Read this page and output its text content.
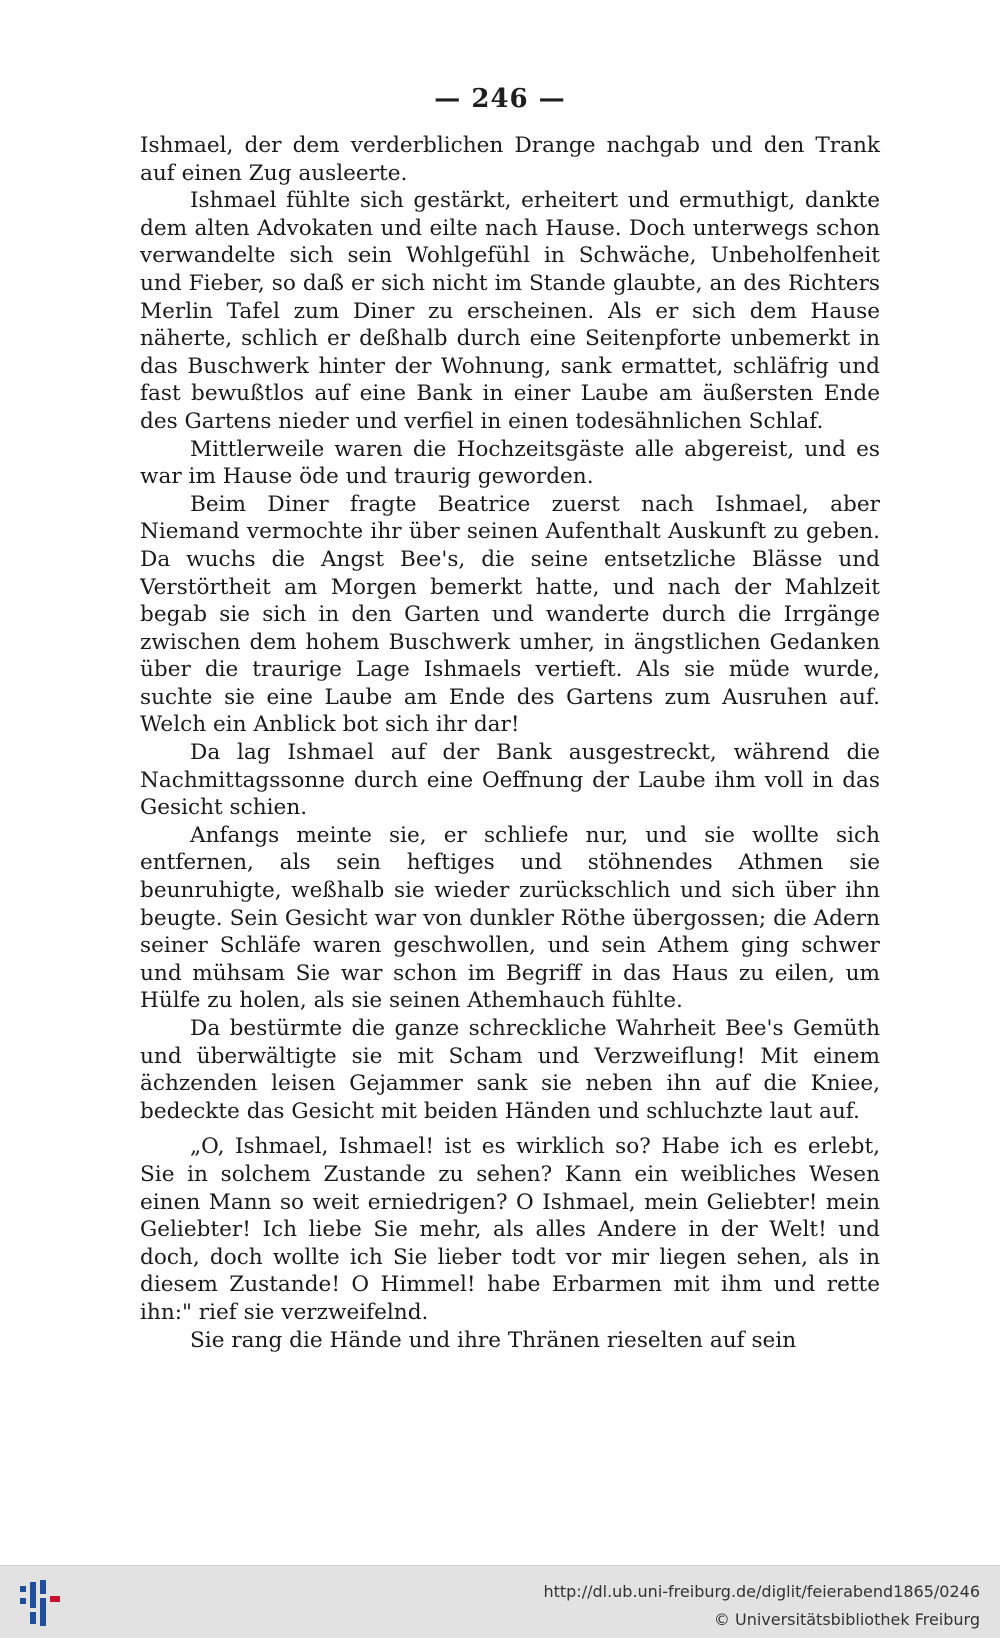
— 246 —

Ishmael, der dem verderblichen Drange nachgab und den Trank auf einen Zug ausleerte.

Ishmael fühlte sich gestärkt, erheitert und ermuthigt, dankte dem alten Advokaten und eilte nach Hause. Doch unterwegs schon verwandelte sich sein Wohlgefühl in Schwäche, Unbeholfenheit und Fieber, so daß er sich nicht im Stande glaubte, an des Richters Merlin Tafel zum Diner zu erscheinen. Als er sich dem Hause näherte, schlich er deßhalb durch eine Seitenpforte unbemerkt in das Buschwerk hinter der Wohnung, sank ermattet, schläfrig und fast bewußtlos auf eine Bank in einer Laube am äußersten Ende des Gartens nieder und verfiel in einen todesähnlichen Schlaf.

Mittlerweile waren die Hochzeitsgäste alle abgereist, und es war im Hause öde und traurig geworden.

Beim Diner fragte Beatrice zuerst nach Ishmael, aber Niemand vermochte ihr über seinen Aufenthalt Auskunft zu geben. Da wuchs die Angst Bee's, die seine entsetzliche Blässe und Verstörtheit am Morgen bemerkt hatte, und nach der Mahlzeit begab sie sich in den Garten und wanderte durch die Irrgänge zwischen dem hohem Buschwerk umher, in ängstlichen Gedanken über die traurige Lage Ishmaels vertieft. Als sie müde wurde, suchte sie eine Laube am Ende des Gartens zum Ausruhen auf. Welch ein Anblick bot sich ihr dar!

Da lag Ishmael auf der Bank ausgestreckt, während die Nachmittagssonne durch eine Oeffnung der Laube ihm voll in das Gesicht schien.

Anfangs meinte sie, er schliefe nur, und sie wollte sich entfernen, als sein heftiges und stöhnendes Athmen sie beunruhigte, weßhalb sie wieder zurückschlich und sich über ihn beugte. Sein Gesicht war von dunkler Röthe übergossen; die Adern seiner Schläfe waren geschwollen, und sein Athem ging schwer und mühsam Sie war schon im Begriff in das Haus zu eilen, um Hülfe zu holen, als sie seinen Athemhauch fühlte.

Da bestürmte die ganze schreckliche Wahrheit Bee's Gemüth und überwältigte sie mit Scham und Verzweiflung! Mit einem ächzenden leisen Gejammer sank sie neben ihn auf die Kniee, bedeckte das Gesicht mit beiden Händen und schluchzte laut auf.

„O, Ishmael, Ishmael! ist es wirklich so? Habe ich es erlebt, Sie in solchem Zustande zu sehen? Kann ein weibliches Wesen einen Mann so weit erniedrigen? O Ishmael, mein Geliebter! mein Geliebter! Ich liebe Sie mehr, als alles Andere in der Welt! und doch, doch wollte ich Sie lieber todt vor mir liegen sehen, als in diesem Zustande! O Himmel! habe Erbarmen mit ihm und rette ihn:" rief sie verzweifelnd.

Sie rang die Hände und ihre Thränen rieselten auf sein

http://dl.ub.uni-freiburg.de/diglit/feierabend1865/0246
© Universitätsbibliothek Freiburg
